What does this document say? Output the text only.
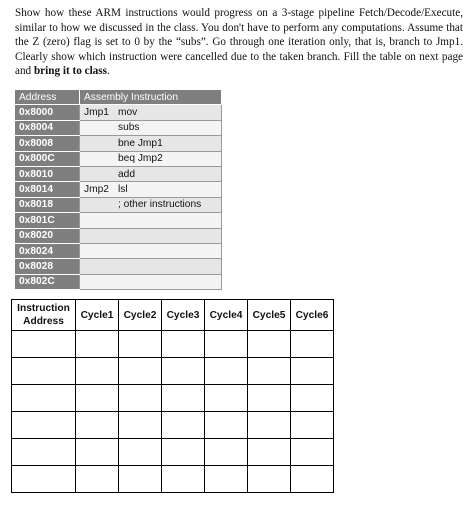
Show how these ARM instructions would progress on a 3-stage pipeline Fetch/Decode/Execute, similar to how we discussed in the class. You don't have to perform any computations. Assume that the Z (zero) flag is set to 0 by the “subs”. Go through one iteration only, that is, branch to Jmp1. Clearly show which instruction were cancelled due to the taken branch. Fill the table on next page and bring it to class.

Address	Assembly Instruction
0x8000	Jmp1 mov
0x8004	subs
0x8008	bne Jmp1
0x800C	beq Jmp2
0x8010	add
0x8014	Jmp2 lsl
0x8018	; other instructions
0x801C	
0x8020	
0x8024	
0x8028	
0x802C	
Instruction
Address	Cycle1	Cycle2	Cycle3	Cycle4	Cycle5	Cycle6
